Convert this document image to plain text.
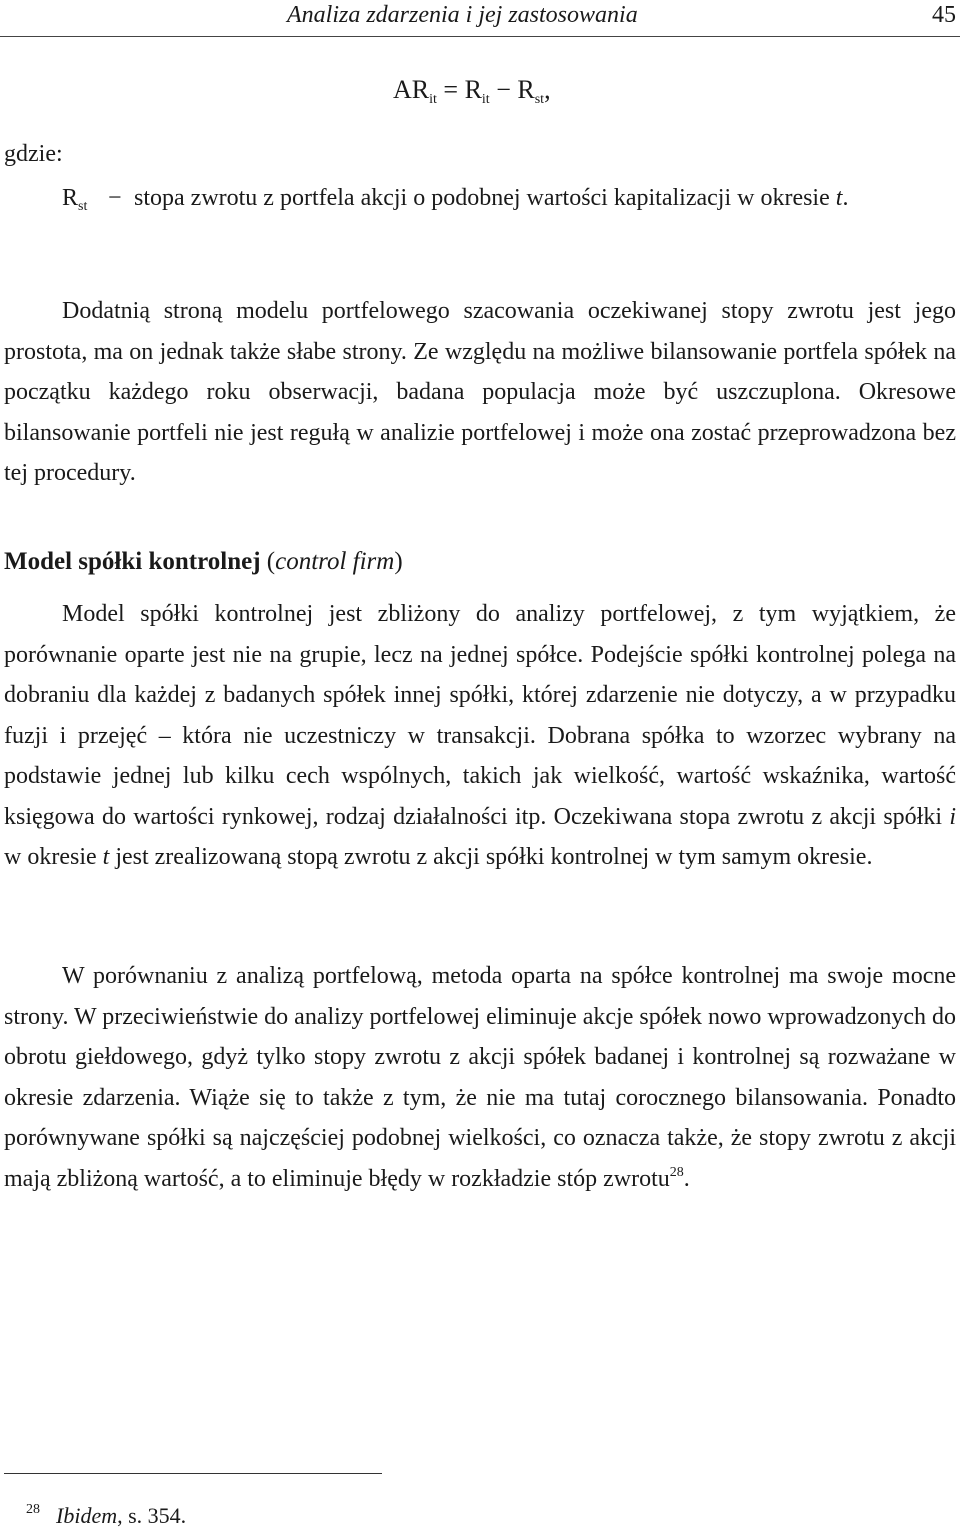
Analiza zdarzenia i jej zastosowania	45
$AR_{it} = R_{it} - R_{st}$,
gdzie:
$R_{st}$ − stopa zwrotu z portfela akcji o podobnej wartości kapitalizacji w okresie t.

Dodatnią stroną modelu portfelowego szacowania oczekiwanej stopy zwrotu jest jego prostota, ma on jednak także słabe strony. Ze względu na możliwe bilansowanie portfela spółek na początku każdego roku obserwacji, badana populacja może być uszczuplona. Okresowe bilansowanie portfeli nie jest regułą w analizie portfelowej i może ona zostać przeprowadzona bez tej procedury.

Model spółki kontrolnej (control firm)

Model spółki kontrolnej jest zbliżony do analizy portfelowej, z tym wyjątkiem, że porównanie oparte jest nie na grupie, lecz na jednej spółce. Podejście spółki kontrolnej polega na dobraniu dla każdej z badanych spółek innej spółki, której zdarzenie nie dotyczy, a w przypadku fuzji i przejęć – która nie uczestniczy w transakcji. Dobrana spółka to wzorzec wybrany na podstawie jednej lub kilku cech wspólnych, takich jak wielkość, wartość wskaźnika, wartość księgowa do wartości rynkowej, rodzaj działalności itp. Oczekiwana stopa zwrotu z akcji spółki i w okresie t jest zrealizowaną stopą zwrotu z akcji spółki kontrolnej w tym samym okresie.

W porównaniu z analizą portfelową, metoda oparta na spółce kontrolnej ma swoje mocne strony. W przeciwieństwie do analizy portfelowej eliminuje akcje spółek nowo wprowadzonych do obrotu giełdowego, gdyż tylko stopy zwrotu z akcji spółek badanej i kontrolnej są rozważane w okresie zdarzenia. Wiąże się to także z tym, że nie ma tutaj corocznego bilansowania. Ponadto porównywane spółki są najczęściej podobnej wielkości, co oznacza także, że stopy zwrotu z akcji mają zbliżoną wartość, a to eliminuje błędy w rozkładzie stóp zwrotu$^{28}$.

$^{28}$ Ibidem, s. 354.
